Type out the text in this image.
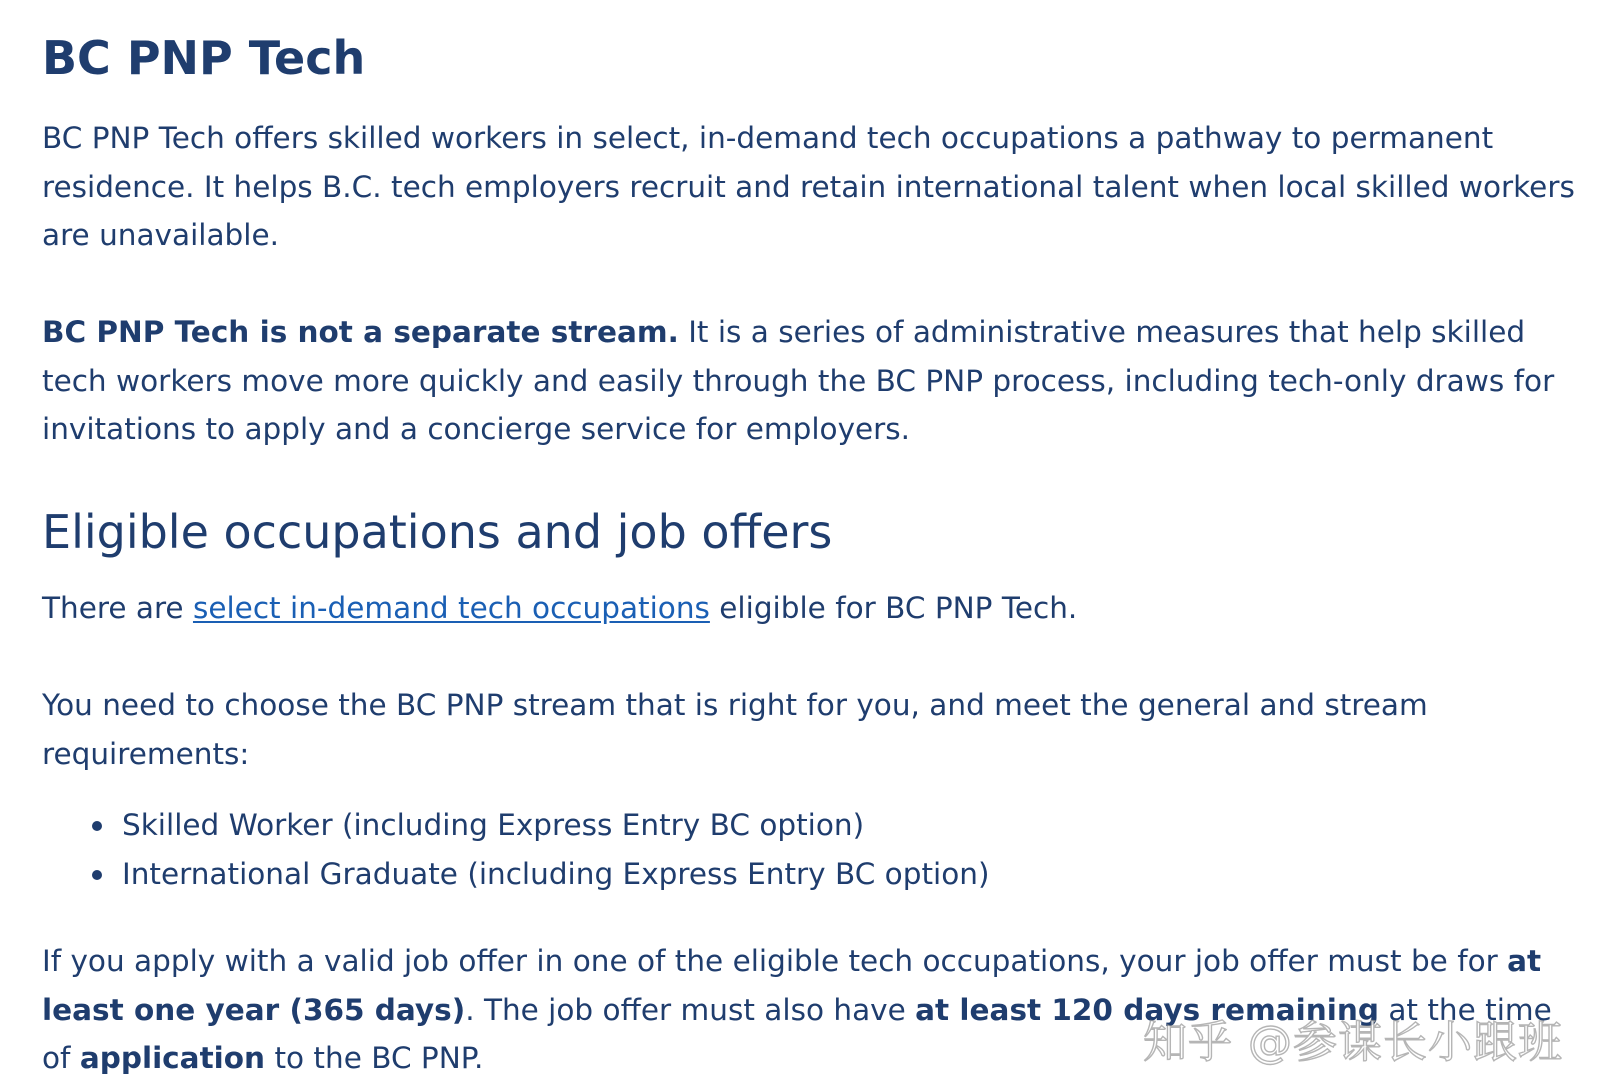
BC PNP Tech

BC PNP Tech offers skilled workers in select, in-demand tech occupations a pathway to permanent residence. It helps B.C. tech employers recruit and retain international talent when local skilled workers are unavailable.

BC PNP Tech is not a separate stream. It is a series of administrative measures that help skilled tech workers move more quickly and easily through the BC PNP process, including tech-only draws for invitations to apply and a concierge service for employers.

Eligible occupations and job offers

There are select in-demand tech occupations eligible for BC PNP Tech.

You need to choose the BC PNP stream that is right for you, and meet the general and stream requirements:

Skilled Worker (including Express Entry BC option)
International Graduate (including Express Entry BC option)

If you apply with a valid job offer in one of the eligible tech occupations, your job offer must be for at least one year (365 days). The job offer must also have at least 120 days remaining at the time of application to the BC PNP.	知乎 @参谋长小跟班
